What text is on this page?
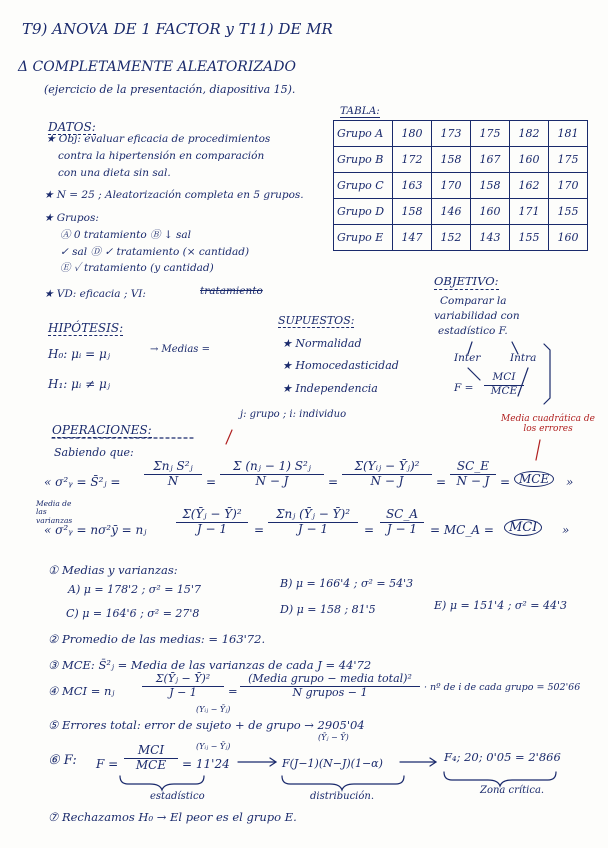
T9) ANOVA DE 1 FACTOR y T11) DE MR
Δ COMPLETAMENTE ALEATORIZADO
(ejercicio de la presentación, diapositiva 15).
DATOS:
★ Obj: evaluar eficacia de procedimientos
contra la hipertensión en comparación
con una dieta sin sal.
★ N = 25 ; Aleatorización completa en 5 grupos.
★ Grupos:
Ⓐ 0 tratamiento Ⓑ ↓ sal
✓ sal Ⓓ ✓ tratamiento (× cantidad)
Ⓔ ✓ tratamiento (y cantidad)
★ VD: eficacia ; VI:	tratamiento
TABLA:
Grupo A	180	173	175	182	181
Grupo B	172	158	167	160	175
Grupo C	163	170	158	162	170
Grupo D	158	146	160	171	155
Grupo E	147	152	143	155	160
OBJETIVO:
Comparar la
variabilidad con
estadístico F.
Inter	Intra
F =
MCI
MCE
HIPÓTESIS:
H₀: μᵢ = μⱼ	→ Medias =
H₁: μᵢ ≠ μⱼ
SUPUESTOS:
★ Normalidad
★ Homocedasticidad
★ Independencia
OPERACIONES:
j: grupo ; i: individuo
Sabiendo que:
Media cuadrática de los errores
« σ²ᵧ = S̄²ⱼ =
Media de las varianzas
Σnⱼ S²ⱼ
N	= $\frac{\text{Σ (nⱼ − 1) S²ⱼ}}{N - J}$ =
Σ(Yᵢⱼ − Ȳⱼ)²
N − J	= $\frac{SC\_E}{N - J}$ = MCE	»
« σ²ᵧ = nσ²ȳ = nⱼ $\frac{\text{Σ(Ȳⱼ − Ȳ)²}}{J - 1}$ =
Σnⱼ (Ȳⱼ − Ȳ)²
J − 1	= $\frac{SC\_A}{J - 1}$ = MC_A =	MCI	»
① Medias y varianzas:
A) μ = 178'2 ; σ² = 15'7	B) μ = 166'4 ; σ² = 54'3
C) μ = 164'6 ; σ² = 27'8	D) μ = 158 ; 81'5	E) μ = 151'4 ; σ² = 44'3
② Promedio de las medias: = 163'72.
③ MCE: S̄²ⱼ = Media de las varianzas de cada J = 44'72
④ MCI = nⱼ	$\frac{\text{Σ(Ȳⱼ − Ȳ)²}}{J - 1}$ =
(Media grupo − media total)²
N grupos − 1	· nº de i de cada grupo = 502'66
⑤ Errores total: error de sujeto + de grupo → 2905'04
(Yᵢⱼ − Ȳⱼ)
(Ȳⱼ − Ȳ)
⑥ F: F =
(Yᵢⱼ − Ȳⱼ)
MCI
MCE	= 11'24	F(J−1)(N−J)(1−α)	F₄; 20; 0'05 = 2'866
estadístico	distribución.
Zona crítica.
⑦ Rechazamos H₀ → El peor es el grupo E.
